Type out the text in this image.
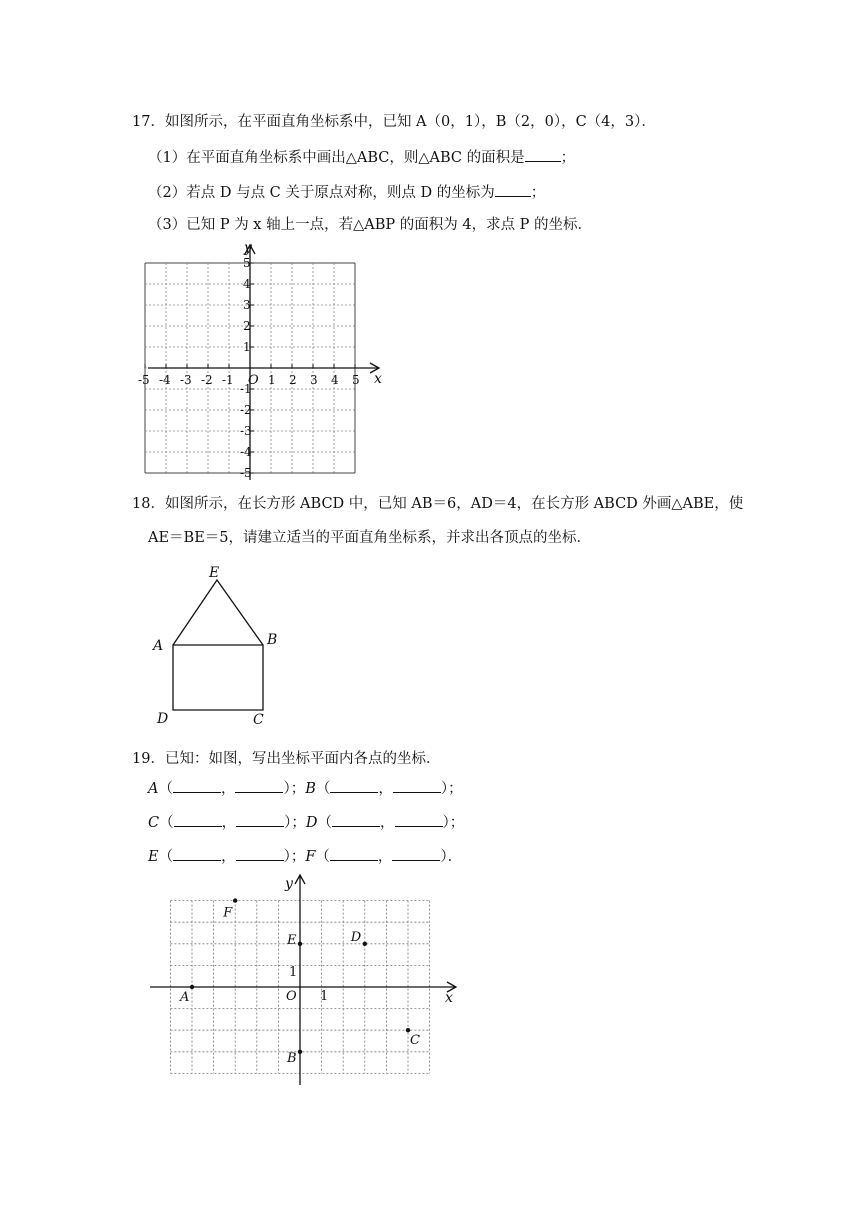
17．如图所示，在平面直角坐标系中，已知 A（0，1），B（2，0），C（4，3）．
（1）在平面直角坐标系中画出△ABC，则△ABC 的面积是 ；
（2）若点 D 与点 C 关于原点对称，则点 D 的坐标为 ；
（3）已知 P 为 x 轴上一点，若△ABP 的面积为 4，求点 P 的坐标．
x
y
O
-5 -4 -3 -2 -1	1 2 3 4 5
5
4
3
2
1
-1
-2
-3
-4
-5
18．如图所示，在长方形 ABCD 中，已知 AB＝6，AD＝4，在长方形 ABCD 外画△ABE，使
AE＝BE＝5，请建立适当的平面直角坐标系，并求出各顶点的坐标．
E
A	B
D	C
19．已知：如图，写出坐标平面内各点的坐标．
A（	，	）；B（	，	）；
C（	，	）；D（	，	）；
E（	，	）；F（	，	）．
x
y
O 1
1
A
B
C
D
E
F
